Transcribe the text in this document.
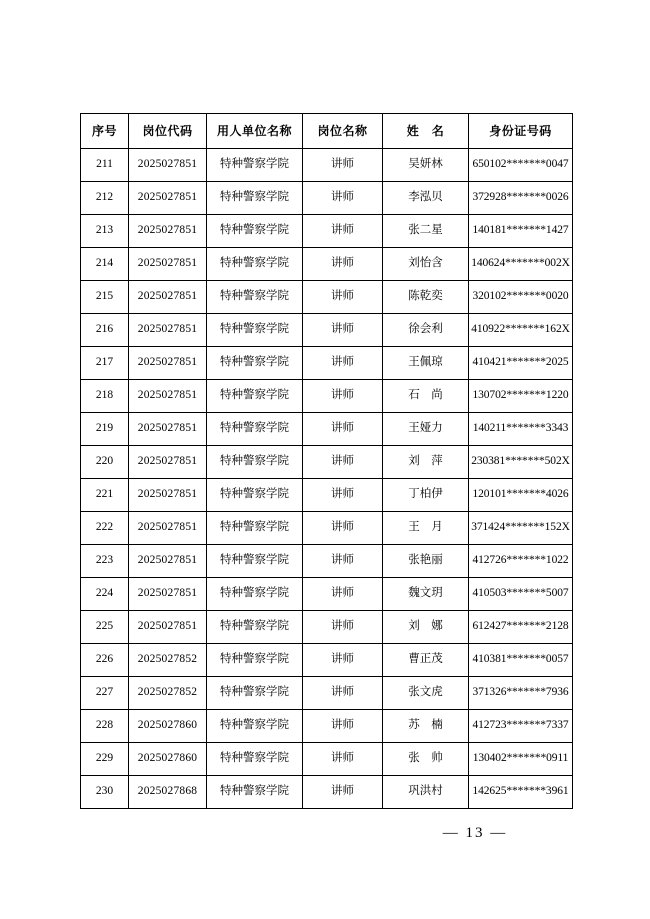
序号	岗位代码	用人单位名称	岗位名称	姓　名	身份证号码
211	2025027851	特种警察学院	讲师	吴妍林	650102*******0047
212	2025027851	特种警察学院	讲师	李泓贝	372928*******0026
213	2025027851	特种警察学院	讲师	张二星	140181*******1427
214	2025027851	特种警察学院	讲师	刘怡含	140624*******002X
215	2025027851	特种警察学院	讲师	陈乾奕	320102*******0020
216	2025027851	特种警察学院	讲师	徐会利	410922*******162X
217	2025027851	特种警察学院	讲师	王佩琼	410421*******2025
218	2025027851	特种警察学院	讲师	石　尚	130702*******1220
219	2025027851	特种警察学院	讲师	王娅力	140211*******3343
220	2025027851	特种警察学院	讲师	刘　萍	230381*******502X
221	2025027851	特种警察学院	讲师	丁柏伊	120101*******4026
222	2025027851	特种警察学院	讲师	王　月	371424*******152X
223	2025027851	特种警察学院	讲师	张艳丽	412726*******1022
224	2025027851	特种警察学院	讲师	魏文玥	410503*******5007
225	2025027851	特种警察学院	讲师	刘　娜	612427*******2128
226	2025027852	特种警察学院	讲师	曹正茂	410381*******0057
227	2025027852	特种警察学院	讲师	张文虎	371326*******7936
228	2025027860	特种警察学院	讲师	苏　楠	412723*******7337
229	2025027860	特种警察学院	讲师	张　帅	130402*******0911
230	2025027868	特种警察学院	讲师	巩洪村	142625*******3961
— 13 —
